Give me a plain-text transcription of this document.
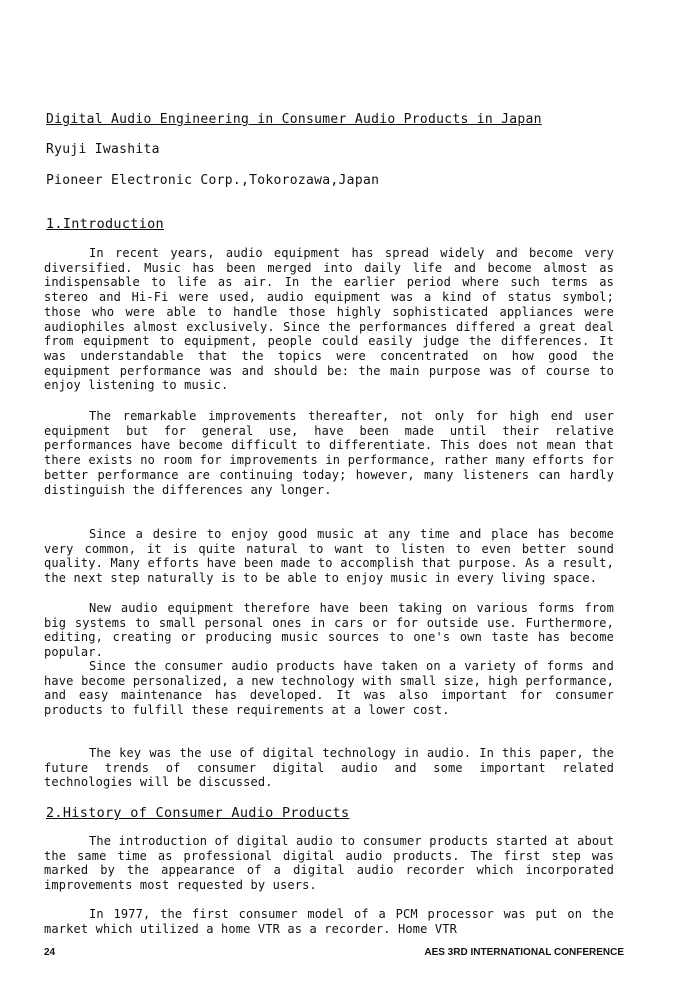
Digital Audio Engineering in Consumer Audio Products in Japan
Ryuji Iwashita
Pioneer Electronic Corp.,Tokorozawa,Japan
1.Introduction

In recent years, audio equipment has spread widely and become very diversified. Music has been merged into daily life and become almost as indispensable to life as air. In the earlier period where such terms as stereo and Hi-Fi were used, audio equipment was a kind of status symbol; those who were able to handle those highly sophisticated appliances were audiophiles almost exclusively. Since the performances differed a great deal from equipment to equipment, people could easily judge the differences. It was understandable that the topics were concentrated on how good the equipment performance was and should be: the main purpose was of course to enjoy listening to music.

The remarkable improvements thereafter, not only for high end user equipment but for general use, have been made until their relative performances have become difficult to differentiate. This does not mean that there exists no room for improvements in performance, rather many efforts for better performance are continuing today; however, many listeners can hardly distinguish the differences any longer.

Since a desire to enjoy good music at any time and place has become very common, it is quite natural to want to listen to even better sound quality. Many efforts have been made to accomplish that purpose. As a result, the next step naturally is to be able to enjoy music in every living space.

New audio equipment therefore have been taking on various forms from big systems to small personal ones in cars or for outside use. Furthermore, editing, creating or producing music sources to one's own taste has become popular.

Since the consumer audio products have taken on a variety of forms and have become personalized, a new technology with small size, high performance, and easy maintenance has developed. It was also important for consumer products to fulfill these requirements at a lower cost.

The key was the use of digital technology in audio. In this paper, the future trends of consumer digital audio and some important related technologies will be discussed.

2.History of Consumer Audio Products

The introduction of digital audio to consumer products started at about the same time as professional digital audio products. The first step was marked by the appearance of a digital audio recorder which incorporated improvements most requested by users.

In 1977, the first consumer model of a PCM processor was put on the market which utilized a home VTR as a recorder. Home VTR

24	AES 3RD INTERNATIONAL CONFERENCE
